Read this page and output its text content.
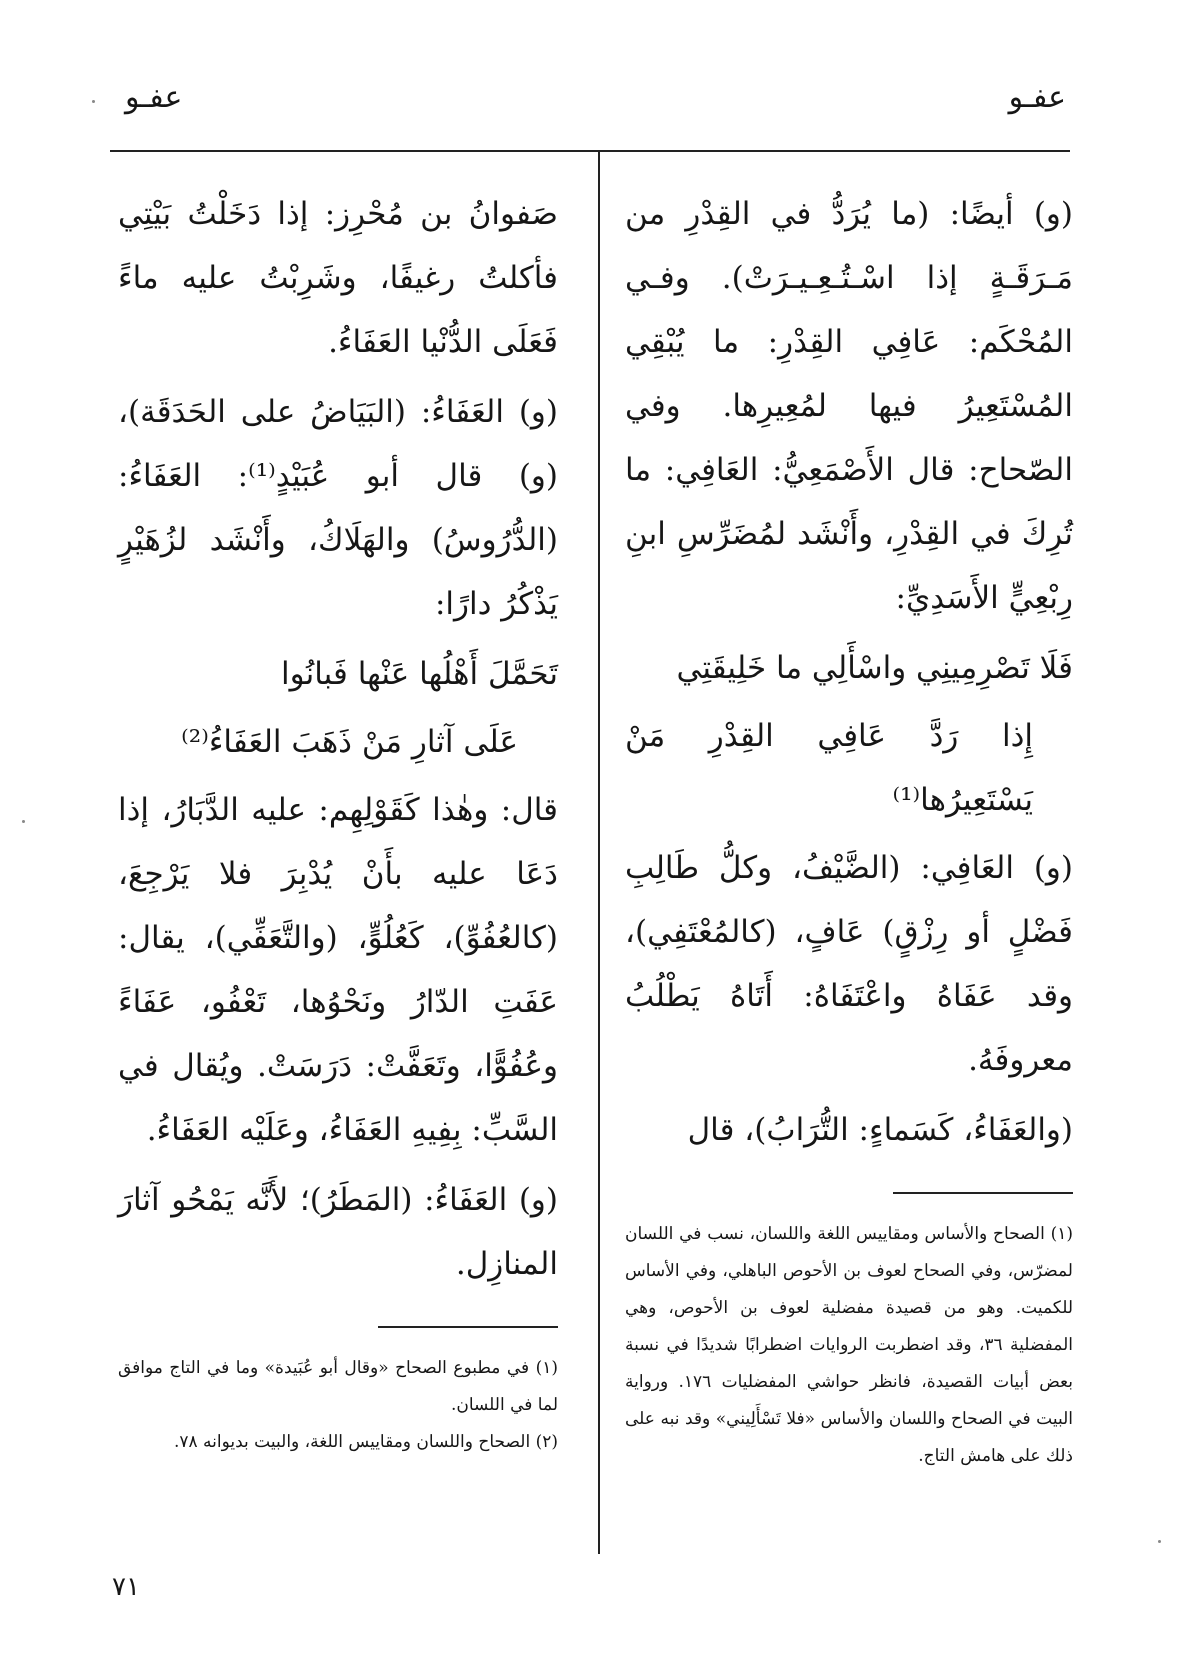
عفـو
عفـو

(و) أيضًا: (ما يُرَدُّ في القِدْرِ من مَـرَقَـةٍ إذا اسْـتُـعِـيـرَتْ). وفـي المُحْكَم: عَافِي القِدْرِ: ما يُبْقِي المُسْتَعِيرُ فيها لمُعِيرِها. وفي الصّحاح: قال الأَصْمَعِيُّ: العَافِي: ما تُرِكَ في القِدْرِ، وأَنْشَد لمُضَرِّسِ ابنِ رِبْعِيٍّ الأَسَدِيِّ:

فَلَا تَصْرِمِينِي واسْأَلِي ما خَلِيقَتِي

إِذا رَدَّ عَافِي القِدْرِ مَنْ يَسْتَعِيرُها⁽¹⁾

(و) العَافِي: (الضَّيْفُ، وكلُّ طَالِبِ فَضْلٍ أو رِزْقٍ) عَافٍ، (كالمُعْتَفِي)، وقد عَفَاهُ واعْتَفَاهُ: أَتَاهُ يَطْلُبُ معروفَهُ.

(والعَفَاءُ، كَسَماءٍ: التُّرَابُ)، قال

(١) الصحاح والأساس ومقاييس اللغة واللسان، نسب في اللسان لمضرّس، وفي الصحاح لعوف بن الأحوص الباهلي، وفي الأساس للكميت. وهو من قصيدة مفضلية لعوف بن الأحوص، وهي المفضلية ٣٦، وقد اضطربت الروايات اضطرابًا شديدًا في نسبة بعض أبيات القصيدة، فانظر حواشي المفضليات ١٧٦. ورواية البيت في الصحاح واللسان والأساس «فلا تَسْأَلِيني» وقد نبه على ذلك على هامش التاج.

صَفوانُ بن مُحْرِز: إذا دَخَلْتُ بَيْتِي فأكلتُ رغيفًا، وشَرِبْتُ عليه ماءً فَعَلَى الدُّنْيا العَفَاءُ.

(و) العَفَاءُ: (البَيَاضُ على الحَدَقَة)، (و) قال أبو عُبَيْدٍ⁽¹⁾: العَفَاءُ: (الدُّرُوسُ) والهَلَاكُ، وأَنْشَد لزُهَيْرٍ يَذْكُرُ دارًا:

تَحَمَّلَ أَهْلُها عَنْها فَبانُوا

عَلَى آثارِ مَنْ ذَهَبَ العَفَاءُ⁽²⁾

قال: وهٰذا كَقَوْلِهِم: عليه الدَّبَارُ، إذا دَعَا عليه بأَنْ يُدْبِرَ فلا يَرْجِعَ، (كالعُفُوِّ)، كَعُلُوٍّ، (والتَّعَفِّي)، يقال: عَفَتِ الدّارُ ونَحْوُها، تَعْفُو، عَفَاءً وعُفُوًّا، وتَعَفَّتْ: دَرَسَتْ. ويُقال في السَّبِّ: بِفِيهِ العَفَاءُ، وعَلَيْه العَفَاءُ.

(و) العَفَاءُ: (المَطَرُ)؛ لأَنَّه يَمْحُو آثارَ المنازِل.

(١) في مطبوع الصحاح «وقال أبو عُبَيدة» وما في التاج موافق لما في اللسان.

(٢) الصحاح واللسان ومقاييس اللغة، والبيت بديوانه ٧٨.

٧١
